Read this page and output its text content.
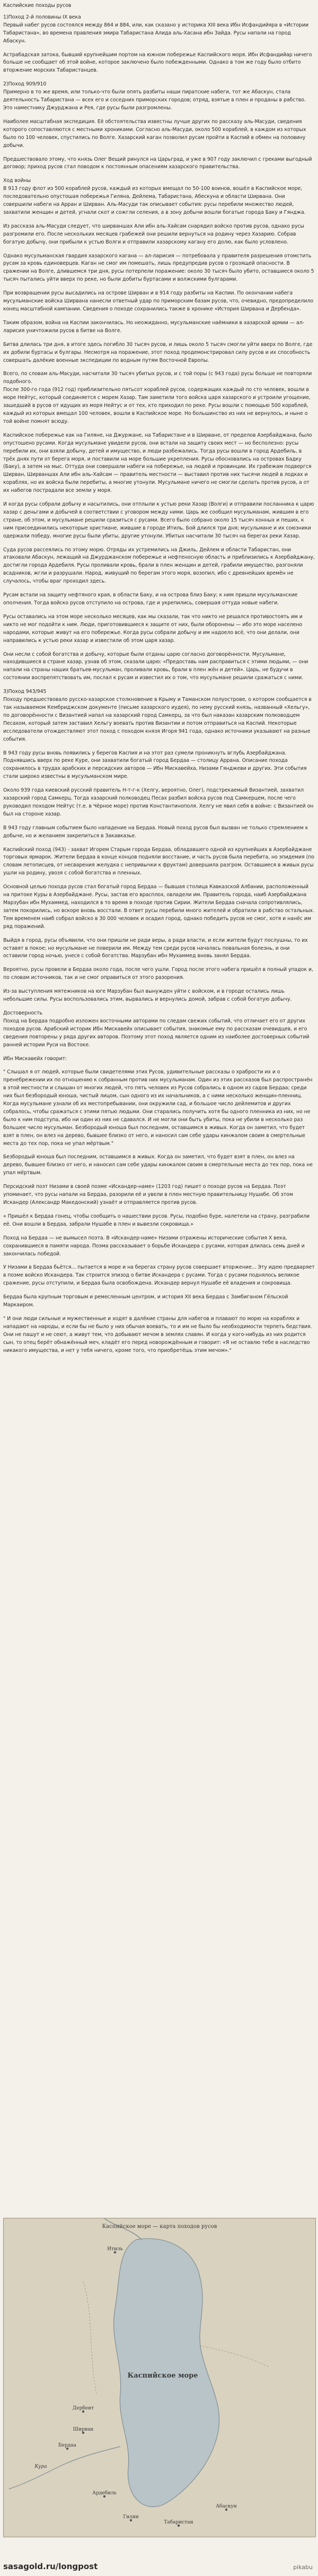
Каспийские походы русов

1)Поход 2-й половины IX века

Первый набег русов состоялся между 864 и 884, или, как сказано у историка XIII века Ибн Исфандийяра в «Истории Табаристана», во времена правления эмира Табаристана Алида аль-Хасана ибн Зайда. Русы напали на город Абаскун.

Астрабадская затока, бывший крупнейшим портом на южном побережье Каспийского моря. Ибн Исфандийар ничего больше не сообщает об этой войне, которое заключено было побежденными. Однако в том же году было отбито вторжение морских Табаристанцев.

2)Поход 909/910

Примерно в то же время, или только-что были опять разбиты наши пиратские набеги, тот же Абаскун, стала деятельность Табаристана — всех его и соседних приморских городов; отряд, взятые в плен и проданы в рабство. Это наместнику Джурджана и Рея, где русы были разгромлены.

Наиболее масштабная экспедиция. Её обстоятельства известны лучше других по рассказу аль-Масуди, сведения которого сопоставляются с местными хрониками. Согласно аль-Масуди, около 500 кораблей, в каждом из которых было по 100 человек, спустились по Волге. Хазарский каган позволил русам пройти в Каспий в обмен на половину добычи.

Предшествовало этому, что князь Олег Вещий ринулся на Царьград, и уже в 907 году заключил с греками выгодный договор; приход русов стал поводом к постоянным опасениям хазарского правительства.

Ход войны

В 913 году флот из 500 кораблей русов, каждый из которых вмещал по 50-100 воинов, вошёл в Каспийское море, последовательно опустошая побережья Гиляна, Дейлема, Табаристана, Абескуна и области Ширвана. Они совершили набеги на Арран и Ширван. Аль-Масуди так описывает события: русы перебили множество людей, захватили женщин и детей, угнали скот и сожгли селения, а в зону добычи вошли богатые города Баку и Гянджа.

Из рассказа аль-Масуди следует, что ширваншах Али ибн аль-Хайсам снарядил войско против русов, однако русы разгромили его. После нескольких месяцев грабежей они решили вернуться на родину через Хазарию. Собрав богатую добычу, они прибыли к устью Волги и отправили хазарскому кагану его долю, как было условлено.

Однако мусульманская гвардия хазарского кагана — ал-ларисия — потребовала у правителя разрешения отомстить русам за кровь единоверцев. Каган не смог им помешать, лишь предупредив русов о грозящей опасности. В сражении на Волге, длившемся три дня, русы потерпели поражение: около 30 тысяч было убито, оставшиеся около 5 тысяч пытались уйти вверх по реке, но были добиты буртасами и волжскими булгарами.

При возвращении русы высадились на острове Ширван и в 914 году разбиты на Каспии. По окончании набега мусульманские войска Ширвана нанесли ответный удар по приморским базам русов, что, очевидно, предопределило конец масштабной кампании. Сведения о походе сохранились также в хронике «История Ширвана и Дербенда».

Таким образом, война на Каспии закончилась. Но неожиданно, мусульманские наёмники в хазарской армии — ал-ларисия уничтожили русов в битве на Волге.

Битва длилась три дня, в итоге здесь погибло 30 тысяч русов, и лишь около 5 тысяч смогли уйти вверх по Волге, где их добили буртасы и булгары. Несмотря на поражение, этот поход продемонстрировал силу русов и их способность совершать далёкие военные экспедиции по водным путям Восточной Европы.

Всего, по словам аль-Масуди, насчитали 30 тысяч убитых русов, и с той поры (с 943 года) русы больше не повторяли подобного.

После 300-го года (912 год) приблизительно пятьсот кораблей русов, содержащих каждый по сто человек, вошли в море Нейтус, который соединяется с морем Хазар. Там заметили того войска царя хазарского и устроили угощение, зашедший в русов от идущих из моря Нейтус и от тех, кто приходил по реке. Русы вошли с помощью 500 кораблей, каждый из которых вмещал 100 человек, вошли в Каспийское море. Но большинство из них не вернулось, и ныне о той войне помнят всюду.

Каспийское побережье как на Гиляне, на Джуржане, на Табаристане и в Ширване, от пределов Азербайджана, было опустошено русами. Когда мусульмане увидели русов, они встали на защиту своих мест — но бесполезно: русы перебили их, они взяли добычу, детей и имущество, и люди разбежались. Тогда русы вошли в город Ардебиль, в трёх днях пути от берега моря, и поставили на море большие укрепления. Русы обосновались на островах Бадку (Баку), а затем на мыс. Оттуда они совершали набеги на побережье, на людей и провинции. Их грабежам подвергся Ширван, Ширваншах Али ибн аль-Хайсам — правитель местности — выставил против них тысячи людей в лодках и кораблях, но их войска были перебиты, а многие утонули. Мусульмане ничего не смогли сделать против русов, а от их набегов пострадали все земли у моря.

И когда русы собрали добычу и насытились, они отплыли к устью реки Хазар (Волги) и отправили посланника к царю хазар с деньгами и добычей в соответствии с уговором между ними. Царь же сообщил мусульманам, жившим в его стране, об этом, и мусульмане решили сразиться с русами. Всего было собрано около 15 тысяч конных и пеших, к ним присоединились некоторые христиане, жившие в городе Итиль. Бой длился три дня; мусульмане и их союзники одержали победу, многие русы были убиты, другие утонули. Убитых насчитали 30 тысяч на берегах реки Хазар.

Суда русов рассеялись по этому морю. Отряды их устремились на Джиль, Дейлем и области Табаристан, они атаковали Абаскун, лежащий на Джурджанском побережье и нефтеносную область и приблизились к Азербайджану, достигли города Ардебиля. Русы проливали кровь, брали в плен женщин и детей, грабили имущество, разгоняли всадников, жгли и разрушали. Народ, живущий по берегам этого моря, возопил, ибо с древнейших времён не случалось, чтобы враг проходил здесь.

Русам встали на защиту нефтяного края, в области Баку, и на острова близ Баку; к ним пришли мусульманские ополчения. Тогда войско русов отступило на острова, где и укрепились, совершая оттуда новые набеги.

Русы оставались на этом море несколько месяцев, как мы сказали, так что никто не решался противостоять им и никто не мог подойти к ним. Люди, приготовившиеся к защите от них, были оборонены — ибо это море населено народами, которые живут на его побережье. Когда русы собрали добычу и им надоело всё, что они делали, они направились к устью реки хазар и известили об этом царя хазар.

Они несли с собой богатства и добычу, которые были отданы царю согласно договорённости. Мусульмане, находившиеся в стране хазар, узнав об этом, сказали царю: «Предоставь нам расправиться с этими людьми, — они напали на страны наших братьев-мусульман, проливали кровь, брали в плен жён и детей». Царь, не будучи в состоянии воспрепятствовать им, послал к русам и известил их о том, что мусульмане решили сражаться с ними.

3)Поход 943/945

Походу предшествовало русско-хазарское столкновение в Крыму и Таманском полуострове, о котором сообщается в так называемом Кембриджском документе (письме хазарского иудея), по нему русский князь, названный «Хельгу», по договорённости с Византией напал на хазарский город Самкерц, за что был наказан хазарским полководцем Песахом, который затем заставил Хельгу воевать против Византии и потом отправиться на Каспий. Некоторые исследователи отождествляют этот поход с походом князя Игоря 941 года, однако источники указывают на разные события.

В 943 году русы вновь появились у берегов Каспия и на этот раз сумели проникнуть вглубь Азербайджана. Поднявшись вверх по реке Куре, они захватили богатый город Бердаа — столицу Аррана. Описание похода сохранилось в трудах арабских и персидских авторов — Ибн Мискавейха, Низами Гянджеви и других. Эти события стали широко известны в мусульманском мире.

Около 939 года киевский русский правитель Н-т-г-к (Хелгу, вероятно, Олег), подстрекаемый Византией, захватил хазарский город Самкерц. Тогда хазарский полководец Песах разбил войска русов под Самкерцем, после чего руководил походом Нейтус (т.е. в Чёрное море) против Константинополя. Хелгу не явил себя в войне: с Византией он был на стороне хазар.

В 943 году главным событием было нападение на Бердаа. Новый поход русов был вызван не только стремлением к добыче, но и желанием закрепиться в Закавказье.

Каспийский поход (943) - захват Игорем Старым города Бердаа, обладавшего одной из крупнейших в Азербайджане торговых ярмарок. Жители Бердаа в конце концов подняли восстание, и часть русов была перебита, но эпидемия (по словам летописцев, от несварения желудка с непривычки к фруктам) довершила разгром. Оставшиеся в живых русы ушли на родину, увозя с собой богатства и пленных.

Основной целью похода русов стал богатый город Бердаа — бывшая столица Кавказской Албании, расположенный на притоке Куры в Азербайджане. Русы, застав его врасплох, овладели им. Правитель города, наиб Азербайджана Марзубан ибн Мухаммед, находился в то время в походе против Сирии. Жители Бердаа сначала сопротивлялись, затем покорились, но вскоре вновь восстали. В ответ русы перебили много жителей и обратили в рабство остальных. Тем временем наиб собрал войско в 30 000 человек и осадил город, однако победить русов не смог, хотя и нанёс им ряд поражений.

Выйдя в город, русы объявили, что они пришли не ради веры, а ради власти, и если жители будут послушны, то их оставят в покое; но мусульмане не поверили им. Между тем среди русов началась повальная болезнь, и они оставили город ночью, унеся с собой богатства. Марзубан ибн Мухаммед вновь занял Бердаа.

Вероятно, русы провели в Бердаа около года, после чего ушли. Город после этого набега пришёл в полный упадок и, по словам источников, так и не смог оправиться от этого разорения.

Из-за выступления мятежников на юге Марзубан был вынужден уйти с войском, и в городе остались лишь небольшие силы. Русы воспользовались этим, вырвались и вернулись домой, забрав с собой богатую добычу.

Достоверность

Поход на Бердаа подробно изложен восточными авторами по следам свежих событий, что отличает его от других походов русов. Арабский историк Ибн Мискавейх описывает события, знакомые ему по рассказам очевидцев, и его сведения повторены у ряда других авторов. Поэтому этот поход является одним из наиболее достоверных событий ранней истории Руси на Востоке.

Ибн Мискавейх говорит:

" Слышал я от людей, которые были свидетелями этих Русов, удивительные рассказы о храбрости их и о пренебрежении их по отношению к собранным против них мусульманам. Один из этих рассказов был распространён в этой местности и слышан от многих людей, что пять человек из Русов собрались в одном из садов Бердаа; среди них был безбородый юноша, чистый лицом, сын одного из их начальников, а с ними несколько женщин-пленниц. Когда мусульмане узнали об их местопребывании, они окружили сад, и большое число дейлемитов и других собралось, чтобы сражаться с этими пятью людьми. Они старались получить хотя бы одного пленника из них, но не было к ним подступа, ибо ни один из них не сдавался. И не могли они быть убиты, пока не убили в несколько раз большее число мусульман. Безбородый юноша был последним, оставшимся в живых. Когда он заметил, что будет взят в плен, он влез на дерево, бывшее близко от него, и наносил сам себе удары кинжалом своим в смертельные места до тех пор, пока не упал мёртвым."

Безбородый юноша был последним, оставшимся в живых. Когда он заметил, что будет взят в плен, он влез на дерево, бывшее близко от него, и наносил сам себе удары кинжалом своим в смертельные места до тех пор, пока не упал мёртвым.

Персидский поэт Низами в своей поэме «Искандер-наме» (1203 год) пишет о походе русов на Бердаа. Поэт упоминает, что русы напали на Бердаа, разорили её и увели в плен местную правительницу Нушабе. Об этом Искандер (Александр Македонский) узнаёт и отправляется против русов.

« Пришёл к Бердаа гонец, чтобы сообщить о нашествии русов. Русы, подобно буре, налетели на страну, разграбили её. Они вошли в Бердаа, забрали Нушабе в плен и вывезли сокровища.»

Поход на Бердаа — не вымысел поэта. В «Искандер-наме» Низами отражены исторические события X века, сохранившиеся в памяти народа. Поэма рассказывает о борьбе Искандера с русами, которая длилась семь дней и закончилась победой.

У Низами в Бердаа бьётся... пытается в море и на берегах страну русов совершает вторжение... Эту идею предваряет в поэме войско Искандера. Так строится эпизод о битве Искандера с русами. Тогда с русами поднялось великое сражение, русы отступили, и Бердаа была освобождена. Искандер вернул Нушабе её владения и сокровища.

Бердаа была крупным торговым и ремесленным центром, и история XII века Бердаа с Замбиганом Гёльской Маркаиром.

" И они люди сильные и мужественные и ходят в далёкие страны для набегов и плавают по морю на кораблях и нападают на народы, и если бы не было у них обычая воевать, то и им не было бы необходимости терпеть бедствия. Они не пашут и не сеют, а живут тем, что добывают мечом в землях славян. И когда у кого-нибудь из них родится сын, то отец берёт обнажённый меч, кладёт его перед новорождённым и говорит: «Я не оставлю тебе в наследство никакого имущества, и нет у тебя ничего, кроме того, что приобретёшь этим мечом»."

Каспийское море
Итиль
Дербент
Бердаа
Ширван
Ардебиль
Гилян
Табаристан
Абаскун
Кура
Каспийское море — карта походов русов
sasagold.ru/longpost	pikabu
